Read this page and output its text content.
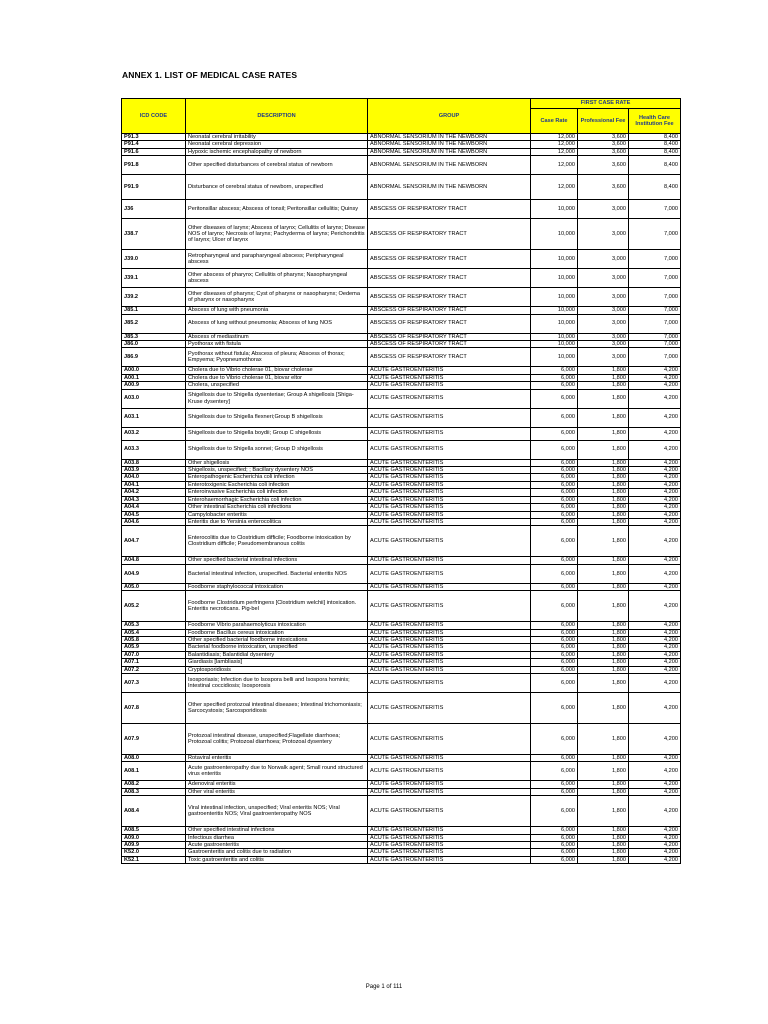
ANNEX 1. LIST OF MEDICAL CASE RATES
ICD CODE	DESCRIPTION	GROUP	FIRST CASE RATE		
			Case Rate	Professional Fee	Health Care Institution Fee
P91.3	Neonatal cerebral irritability	ABNORMAL SENSORIUM IN THE NEWBORN	12,000	3,600	8,400
P91.4	Neonatal cerebral depression	ABNORMAL SENSORIUM IN THE NEWBORN	12,000	3,600	8,400
P91.6	Hypoxic ischemic encephalopathy of newborn	ABNORMAL SENSORIUM IN THE NEWBORN	12,000	3,600	8,400
P91.8	Other specified disturbances of cerebral status of newborn	ABNORMAL SENSORIUM IN THE NEWBORN	12,000	3,600	8,400
P91.9	Disturbance of cerebral status of newborn, unspecified	ABNORMAL SENSORIUM IN THE NEWBORN	12,000	3,600	8,400
J36	Peritonsillar abscess; Abscess of tonsil; Peritonsillar cellulitis; Quinsy	ABSCESS OF RESPIRATORY TRACT	10,000	3,000	7,000
J38.7	Other diseases of larynx; Abscess of larynx; Cellulitis of larynx; Disease NOS of larynx; Necrosis of larynx; Pachyderma of larynx; Perichondritis of larynx; Ulcer of larynx	ABSCESS OF RESPIRATORY TRACT	10,000	3,000	7,000
J39.0	Retropharyngeal and parapharyngeal abscess; Peripharyngeal abscess	ABSCESS OF RESPIRATORY TRACT	10,000	3,000	7,000
J39.1	Other abscess of pharynx; Cellulitis of pharynx; Nasopharyngeal abscess	ABSCESS OF RESPIRATORY TRACT	10,000	3,000	7,000
J39.2	Other diseases of pharynx; Cyst of pharynx or nasopharynx; Oedema of pharynx or nasopharynx	ABSCESS OF RESPIRATORY TRACT	10,000	3,000	7,000
J85.1	Abscess of lung with pneumonia	ABSCESS OF RESPIRATORY TRACT	10,000	3,000	7,000
J85.2	Abscess of lung without pneumonia; Abscess of lung NOS	ABSCESS OF RESPIRATORY TRACT	10,000	3,000	7,000
J85.3	Abscess of mediastinum	ABSCESS OF RESPIRATORY TRACT	10,000	3,000	7,000
J86.0	Pyothorax with fistula	ABSCESS OF RESPIRATORY TRACT	10,000	3,000	7,000
J86.9	Pyothorax without fistula; Abscess of pleura; Abscess of thorax; Empyema; Pyopneumothorax	ABSCESS OF RESPIRATORY TRACT	10,000	3,000	7,000
A00.0	Cholera due to Vibrio cholerae 01, biovar cholerae	ACUTE GASTROENTERITIS	6,000	1,800	4,200
A00.1	Cholera due to Vibrio cholerae 01, biovar eltor	ACUTE GASTROENTERITIS	6,000	1,800	4,200
A00.9	Cholera, unspecified	ACUTE GASTROENTERITIS	6,000	1,800	4,200
A03.0	Shigellosis due to Shigella dysenteriae; Group A shigellosis [Shiga-Kruse dysentery]	ACUTE GASTROENTERITIS	6,000	1,800	4,200
A03.1	Shigellosis due to Shigella flexneri;Group B shigellosis	ACUTE GASTROENTERITIS	6,000	1,800	4,200
A03.2	Shigellosis due to Shigella boydii; Group C shigellosis	ACUTE GASTROENTERITIS	6,000	1,800	4,200
A03.3	Shigellosis due to Shigella sonnei; Group D shigellosis	ACUTE GASTROENTERITIS	6,000	1,800	4,200
A03.8	Other shigellosis	ACUTE GASTROENTERITIS	6,000	1,800	4,200
A03.9	Shigellosis, unspecified; ; Bacillary dysentery NOS	ACUTE GASTROENTERITIS	6,000	1,800	4,200
A04.0	Enteropathogenic Escherichia coli infection	ACUTE GASTROENTERITIS	6,000	1,800	4,200
A04.1	Enterotoxigenic Escherichia coli infection	ACUTE GASTROENTERITIS	6,000	1,800	4,200
A04.2	Enteroinvasive Escherichia coli infection	ACUTE GASTROENTERITIS	6,000	1,800	4,200
A04.3	Enterohaemorrhagic Escherichia coli infection	ACUTE GASTROENTERITIS	6,000	1,800	4,200
A04.4	Other intestinal Escherichia coli infections	ACUTE GASTROENTERITIS	6,000	1,800	4,200
A04.5	Campylobacter enteritis	ACUTE GASTROENTERITIS	6,000	1,800	4,200
A04.6	Enteritis due to Yersinia enterocolitica	ACUTE GASTROENTERITIS	6,000	1,800	4,200
A04.7	Enterocolitis due to Clostridium difficile; Foodborne intoxication by Clostridium difficile; Pseudomembranous colitis	ACUTE GASTROENTERITIS	6,000	1,800	4,200
A04.8	Other specified bacterial intestinal infections	ACUTE GASTROENTERITIS	6,000	1,800	4,200
A04.9	Bacterial intestinal infection, unspecified. Bacterial enteritis NOS	ACUTE GASTROENTERITIS	6,000	1,800	4,200
A05.0	Foodborne staphylococcal intoxication	ACUTE GASTROENTERITIS	6,000	1,800	4,200
A05.2	Foodborne Clostridium perfringens [Clostridium welchii] intoxication. Enteritis necroticans. Pig-bel	ACUTE GASTROENTERITIS	6,000	1,800	4,200
A05.3	Foodborne Vibrio parahaemolyticus intoxication	ACUTE GASTROENTERITIS	6,000	1,800	4,200
A05.4	Foodborne Bacillus cereus intoxication	ACUTE GASTROENTERITIS	6,000	1,800	4,200
A05.8	Other specified bacterial foodborne intoxications	ACUTE GASTROENTERITIS	6,000	1,800	4,200
A05.9	Bacterial foodborne intoxication, unspecified	ACUTE GASTROENTERITIS	6,000	1,800	4,200
A07.0	Balantidiasis; Balantidial dysentery	ACUTE GASTROENTERITIS	6,000	1,800	4,200
A07.1	Giardiasis [lambliasis]	ACUTE GASTROENTERITIS	6,000	1,800	4,200
A07.2	Cryptosporidiosis	ACUTE GASTROENTERITIS	6,000	1,800	4,200
A07.3	Isosporiasis; Infection due to Isospora belli and Isospora hominis; Intestinal coccidiosis; Isosporosis	ACUTE GASTROENTERITIS	6,000	1,800	4,200
A07.8	Other specified protozoal intestinal diseases; Intestinal trichomoniasis; Sarcocystosis; Sarcosporidiosis	ACUTE GASTROENTERITIS	6,000	1,800	4,200
A07.9	Protozoal intestinal disease, unspecified;Flagellate diarrhoea; Protozoal colitis; Protozoal diarrhoea; Protozoal dysentery	ACUTE GASTROENTERITIS	6,000	1,800	4,200
A08.0	Rotaviral enteritis	ACUTE GASTROENTERITIS	6,000	1,800	4,200
A08.1	Acute gastroenteropathy due to Norwalk agent; Small round structured virus enteritis	ACUTE GASTROENTERITIS	6,000	1,800	4,200
A08.2	Adenoviral enteritis	ACUTE GASTROENTERITIS	6,000	1,800	4,200
A08.3	Other viral enteritis	ACUTE GASTROENTERITIS	6,000	1,800	4,200
A08.4	Viral intestinal infection, unspecified; Viral enteritis NOS; Viral gastroenteritis NOS; Viral gastroenteropathy NOS	ACUTE GASTROENTERITIS	6,000	1,800	4,200
A08.5	Other specified intestinal infections	ACUTE GASTROENTERITIS	6,000	1,800	4,200
A09.0	Infectious diarrhea	ACUTE GASTROENTERITIS	6,000	1,800	4,200
A09.9	Acute gastroenteritis	ACUTE GASTROENTERITIS	6,000	1,800	4,200
K52.0	Gastroenteritis and colitis due to radiation	ACUTE GASTROENTERITIS	6,000	1,800	4,200
K52.1	Toxic gastroenteritis and colitis	ACUTE GASTROENTERITIS	6,000	1,800	4,200
Page 1 of 111
